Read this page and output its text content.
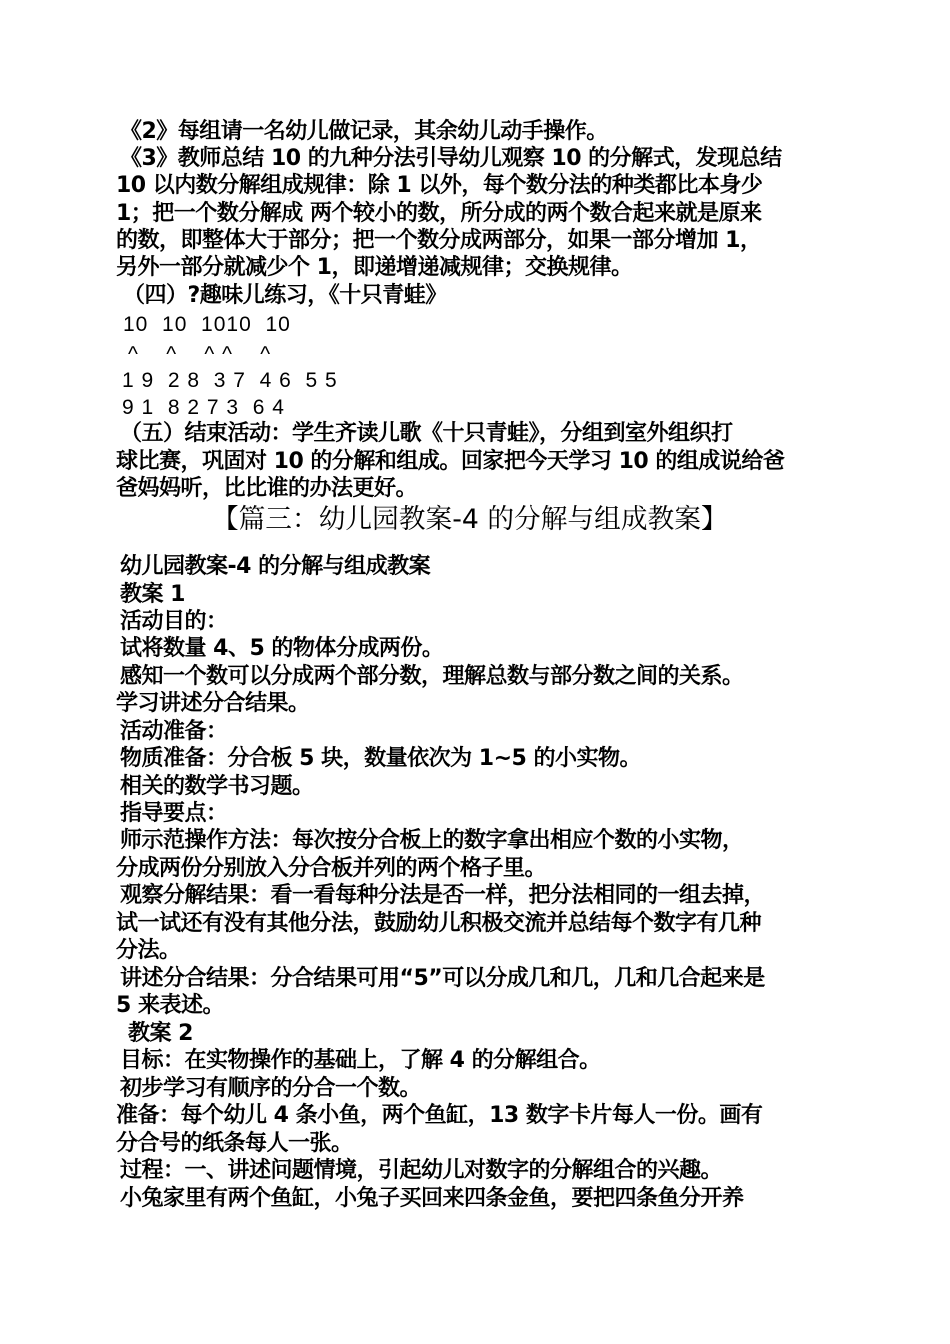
《2》每组请一名幼儿做记录，其余幼儿动手操作。
《3》教师总结 10 的九种分法引导幼儿观察 10 的分解式，发现总结
10 以内数分解组成规律：除 1 以外，每个数分法的种类都比本身少
1；把一个数分解成 两个较小的数，所分成的两个数合起来就是原来
的数，即整体大于部分；把一个数分成两部分，如果一部分增加 1，
另外一部分就减少个 1，即递增递减规律；交换规律。
（四）?趣味儿练习，《十只青蛙》
10  10  1010  10
^    ^    ^ ^    ^
1 9  2 8  3 7  4 6  5 5
9 1  8 2 7 3  6 4
（五）结束活动：学生齐读儿歌《十只青蛙》，分组到室外组织打
球比赛，巩固对 10 的分解和组成。回家把今天学习 10 的组成说给爸
爸妈妈听，比比谁的办法更好。
【篇三：幼儿园教案-4 的分解与组成教案】
幼儿园教案-4 的分解与组成教案
教案 1
活动目的：
试将数量 4、5 的物体分成两份。
感知一个数可以分成两个部分数，理解总数与部分数之间的关系。
学习讲述分合结果。
活动准备：
物质准备：分合板 5 块，数量依次为 1~5 的小实物。
相关的数学书习题。
指导要点：
师示范操作方法：每次按分合板上的数字拿出相应个数的小实物，
分成两份分别放入分合板并列的两个格子里。
观察分解结果：看一看每种分法是否一样，把分法相同的一组去掉，
试一试还有没有其他分法，鼓励幼儿积极交流并总结每个数字有几种
分法。
讲述分合结果：分合结果可用“5”可以分成几和几，几和几合起来是
5 来表述。
教案 2
目标：在实物操作的基础上，了解 4 的分解组合。
初步学习有顺序的分合一个数。
准备：每个幼儿 4 条小鱼，两个鱼缸，13 数字卡片每人一份。画有
分合号的纸条每人一张。
过程：一、讲述问题情境，引起幼儿对数字的分解组合的兴趣。
小兔家里有两个鱼缸，小兔子买回来四条金鱼，要把四条鱼分开养
